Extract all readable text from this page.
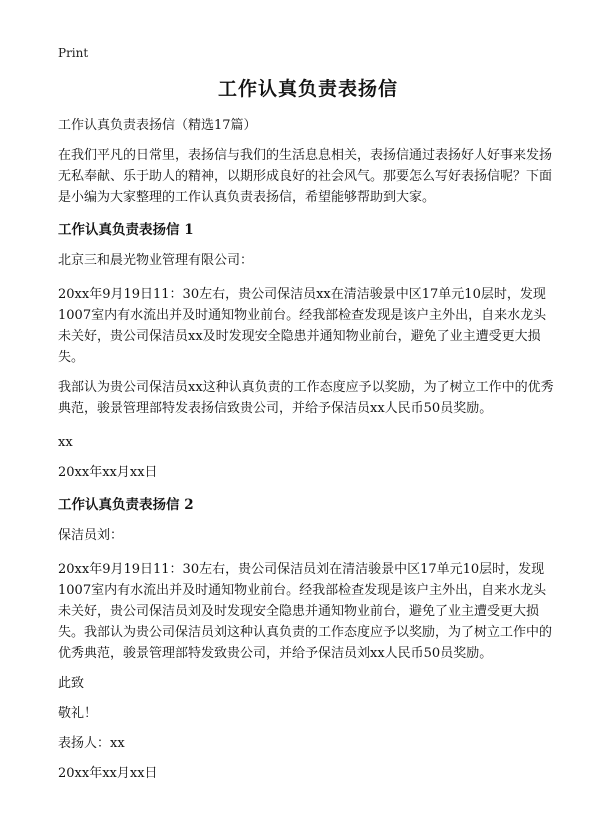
Print
工作认真负责表扬信

工作认真负责表扬信（精选17篇）

在我们平凡的日常里，表扬信与我们的生活息息相关，表扬信通过表扬好人好事来发扬无私奉献、乐于助人的精神，以期形成良好的社会风气。那要怎么写好表扬信呢？下面是小编为大家整理的工作认真负责表扬信，希望能够帮助到大家。

工作认真负责表扬信 1

北京三和晨光物业管理有限公司：

20xx年9月19日11：30左右，贵公司保洁员xx在清洁骏景中区17单元10层时，发现1007室内有水流出并及时通知物业前台。经我部检查发现是该户主外出，自来水龙头未关好，贵公司保洁员xx及时发现安全隐患并通知物业前台，避免了业主遭受更大损失。

我部认为贵公司保洁员xx这种认真负责的工作态度应予以奖励，为了树立工作中的优秀典范，骏景管理部特发表扬信致贵公司，并给予保洁员xx人民币50员奖励。

xx

20xx年xx月xx日

工作认真负责表扬信 2

保洁员刘：

20xx年9月19日11：30左右，贵公司保洁员刘在清洁骏景中区17单元10层时，发现1007室内有水流出并及时通知物业前台。经我部检查发现是该户主外出，自来水龙头未关好，贵公司保洁员刘及时发现安全隐患并通知物业前台，避免了业主遭受更大损失。我部认为贵公司保洁员刘这种认真负责的工作态度应予以奖励，为了树立工作中的优秀典范，骏景管理部特发致贵公司，并给予保洁员刘xx人民币50员奖励。

此致

敬礼！

表扬人：xx

20xx年xx月xx日
